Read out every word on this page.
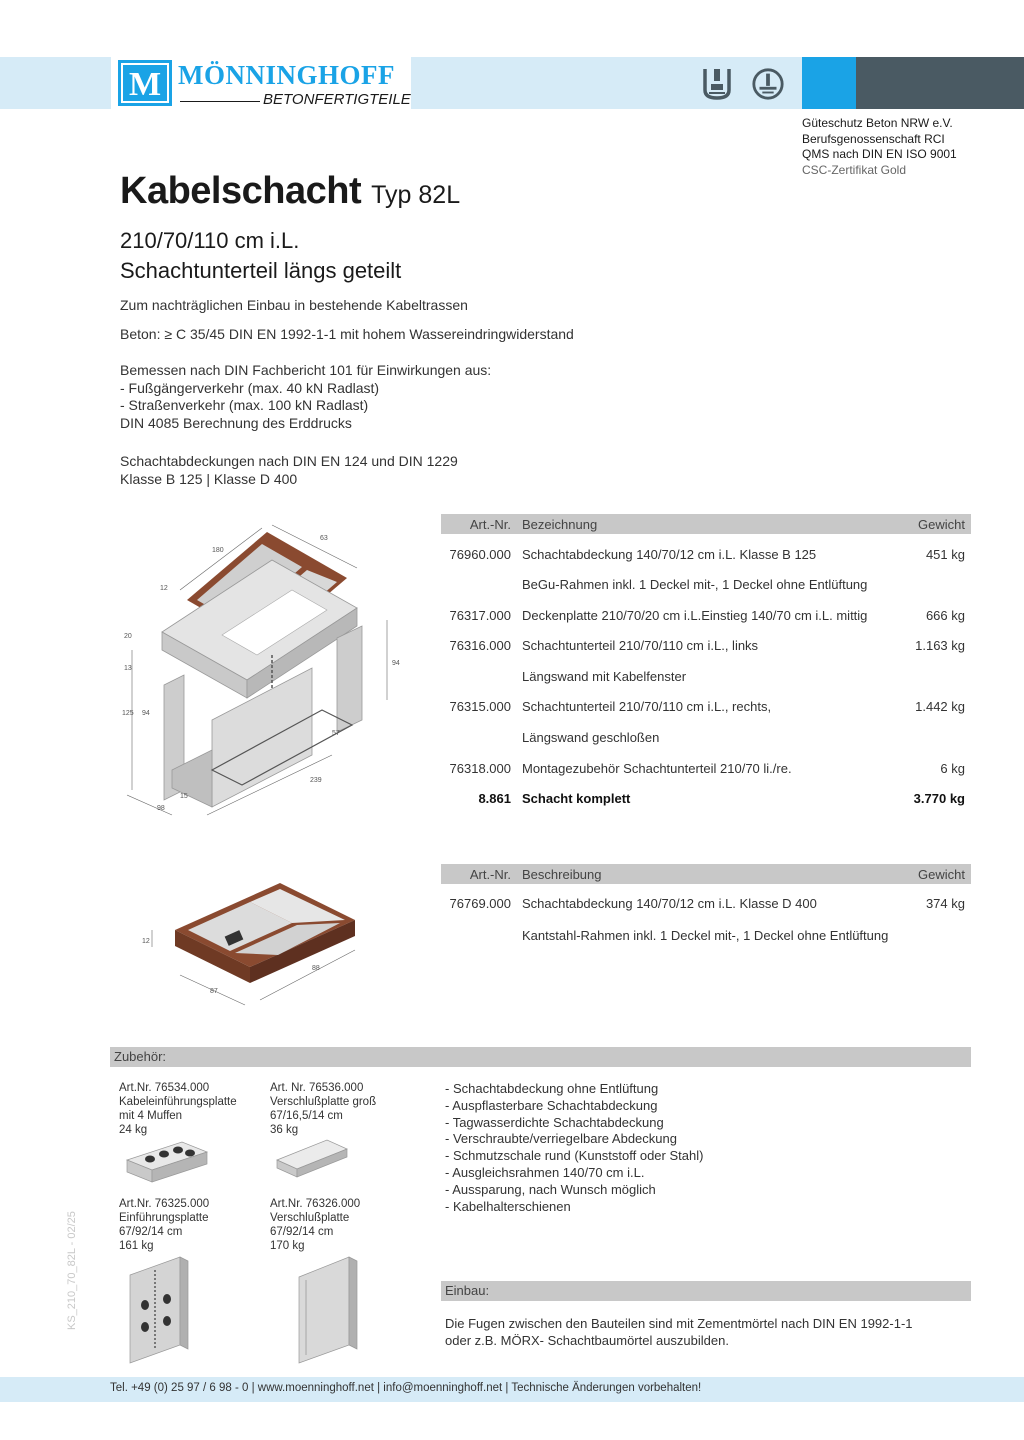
M MÖNNINGHOFF
BETONFERTIGTEILE
Güteschutz Beton NRW e.V.
Berufsgenossenschaft RCI
QMS nach DIN EN ISO 9001
CSC-Zertifikat Gold
Kabelschacht Typ 82L
210/70/110 cm i.L.
Schachtunterteil längs geteilt
Zum nachträglichen Einbau in bestehende Kabeltrassen
Beton: ≥ C 35/45 DIN EN 1992-1-1 mit hohem Wassereindringwiderstand
Bemessen nach DIN Fachbericht 101 für Einwirkungen aus:
- Fußgängerverkehr (max. 40 kN Radlast)
- Straßenverkehr (max. 100 kN Radlast)
DIN 4085 Berechnung des Erddrucks
Schachtabdeckungen nach DIN EN 124 und DIN 1229
Klasse B 125 | Klasse D 400
180
63
12
20
13
94
125 94
57
239
98
15
Art.-Nr. Bezeichnung	Gewicht
76960.000 Schachtabdeckung 140/70/12 cm i.L. Klasse B 125	451 kg
BeGu-Rahmen inkl. 1 Deckel mit-, 1 Deckel ohne Entlüftung
76317.000 Deckenplatte 210/70/20 cm i.L.Einstieg 140/70 cm i.L. mittig	666 kg
76316.000 Schachtunterteil 210/70/110 cm i.L., links	1.163 kg
Längswand mit Kabelfenster
76315.000 Schachtunterteil 210/70/110 cm i.L., rechts,	1.442 kg
Längswand geschloßen
76318.000 Montagezubehör Schachtunterteil 210/70 li./re.	6 kg
8.861 Schacht komplett	3.770 kg
12
87
88
Art.-Nr. Beschreibung	Gewicht
76769.000 Schachtabdeckung 140/70/12 cm i.L. Klasse D 400	374 kg
Kantstahl-Rahmen inkl. 1 Deckel mit-, 1 Deckel ohne Entlüftung
Zubehör:
Art.Nr. 76534.000
Kabeleinführungsplatte
mit 4 Muffen
24 kg
Art. Nr. 76536.000
Verschlußplatte groß
67/16,5/14 cm
36 kg
Art.Nr. 76325.000
Einführungsplatte
67/92/14 cm
161 kg
Art.Nr. 76326.000
Verschlußplatte
67/92/14 cm
170 kg
- Schachtabdeckung ohne Entlüftung
- Auspflasterbare Schachtabdeckung
- Tagwasserdichte Schachtabdeckung
- Verschraubte/verriegelbare Abdeckung
- Schmutzschale rund (Kunststoff oder Stahl)
- Ausgleichsrahmen 140/70 cm i.L.
- Aussparung, nach Wunsch möglich
- Kabelhalterschienen
Einbau:
Die Fugen zwischen den Bauteilen sind mit Zementmörtel nach DIN EN 1992-1-1
oder z.B. MÖRX- Schachtbaumörtel auszubilden.
KS_210_70_82L - 02/25
Tel. +49 (0) 25 97 / 6 98 - 0 | www.moenninghoff.net | info@moenninghoff.net | Technische Änderungen vorbehalten!
